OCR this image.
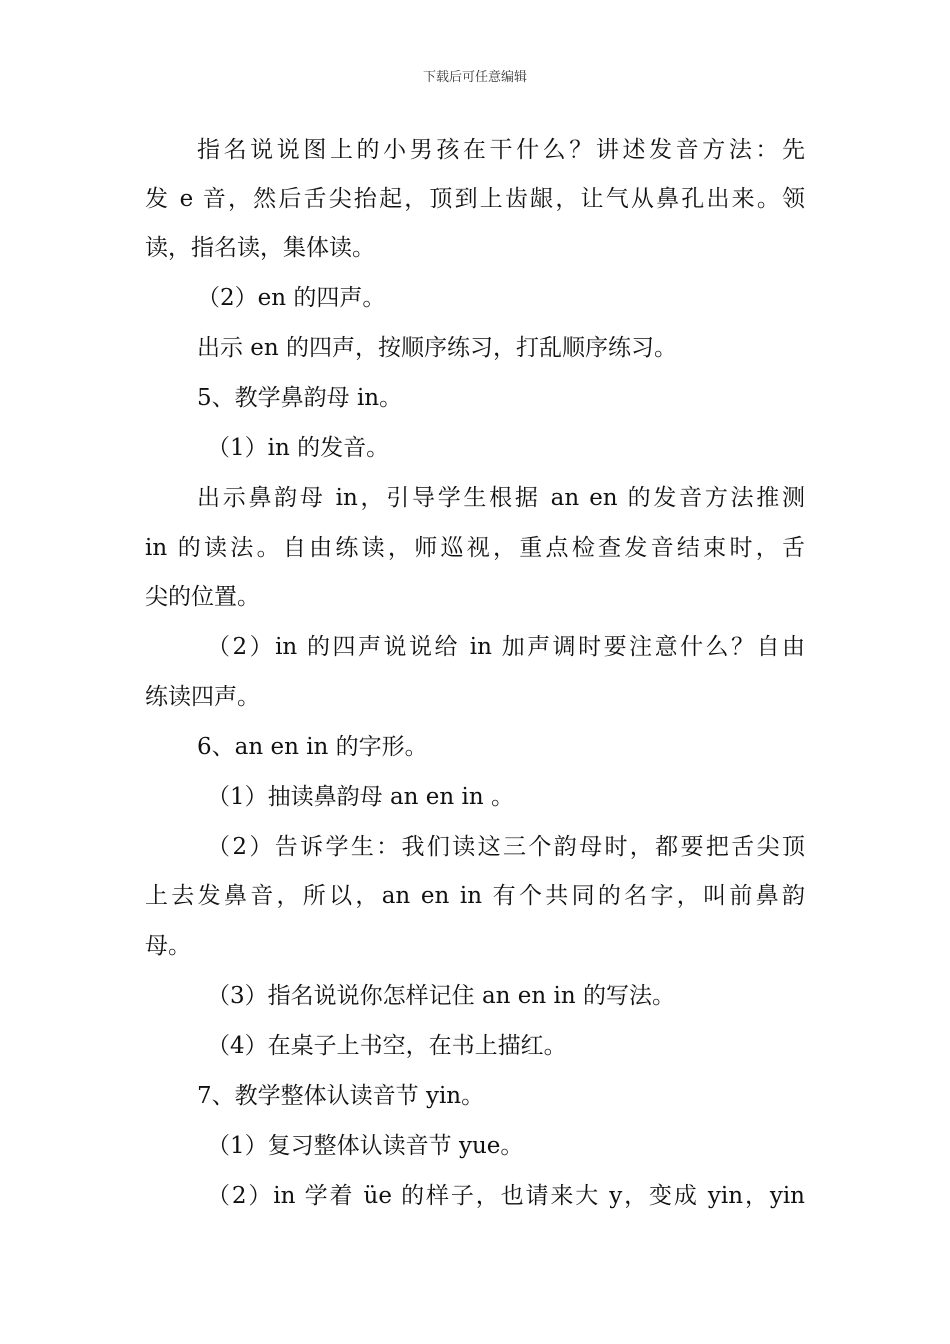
下载后可任意编辑
指名说说图上的小男孩在干什么？讲述发音方法：先
发 e 音，然后舌尖抬起，顶到上齿龈，让气从鼻孔出来。领
读，指名读，集体读。
（2）en 的四声。
出示 en 的四声，按顺序练习，打乱顺序练习。
5、教学鼻韵母 in。
（1）in 的发音。
出示鼻韵母 in，引导学生根据 an en 的发音方法推测
in 的读法。自由练读，师巡视，重点检查发音结束时，舌
尖的位置。
（2）in 的四声说说给 in 加声调时要注意什么？自由
练读四声。
6、an en in 的字形。
（1）抽读鼻韵母 an en in 。
（2）告诉学生：我们读这三个韵母时，都要把舌尖顶
上去发鼻音，所以，an en in 有个共同的名字，叫前鼻韵
母。
（3）指名说说你怎样记住 an en in 的写法。
（4）在桌子上书空，在书上描红。
7、教学整体认读音节 yin。
（1）复习整体认读音节 yue。
（2）in 学着 üe 的样子，也请来大 y，变成 yin，yin
